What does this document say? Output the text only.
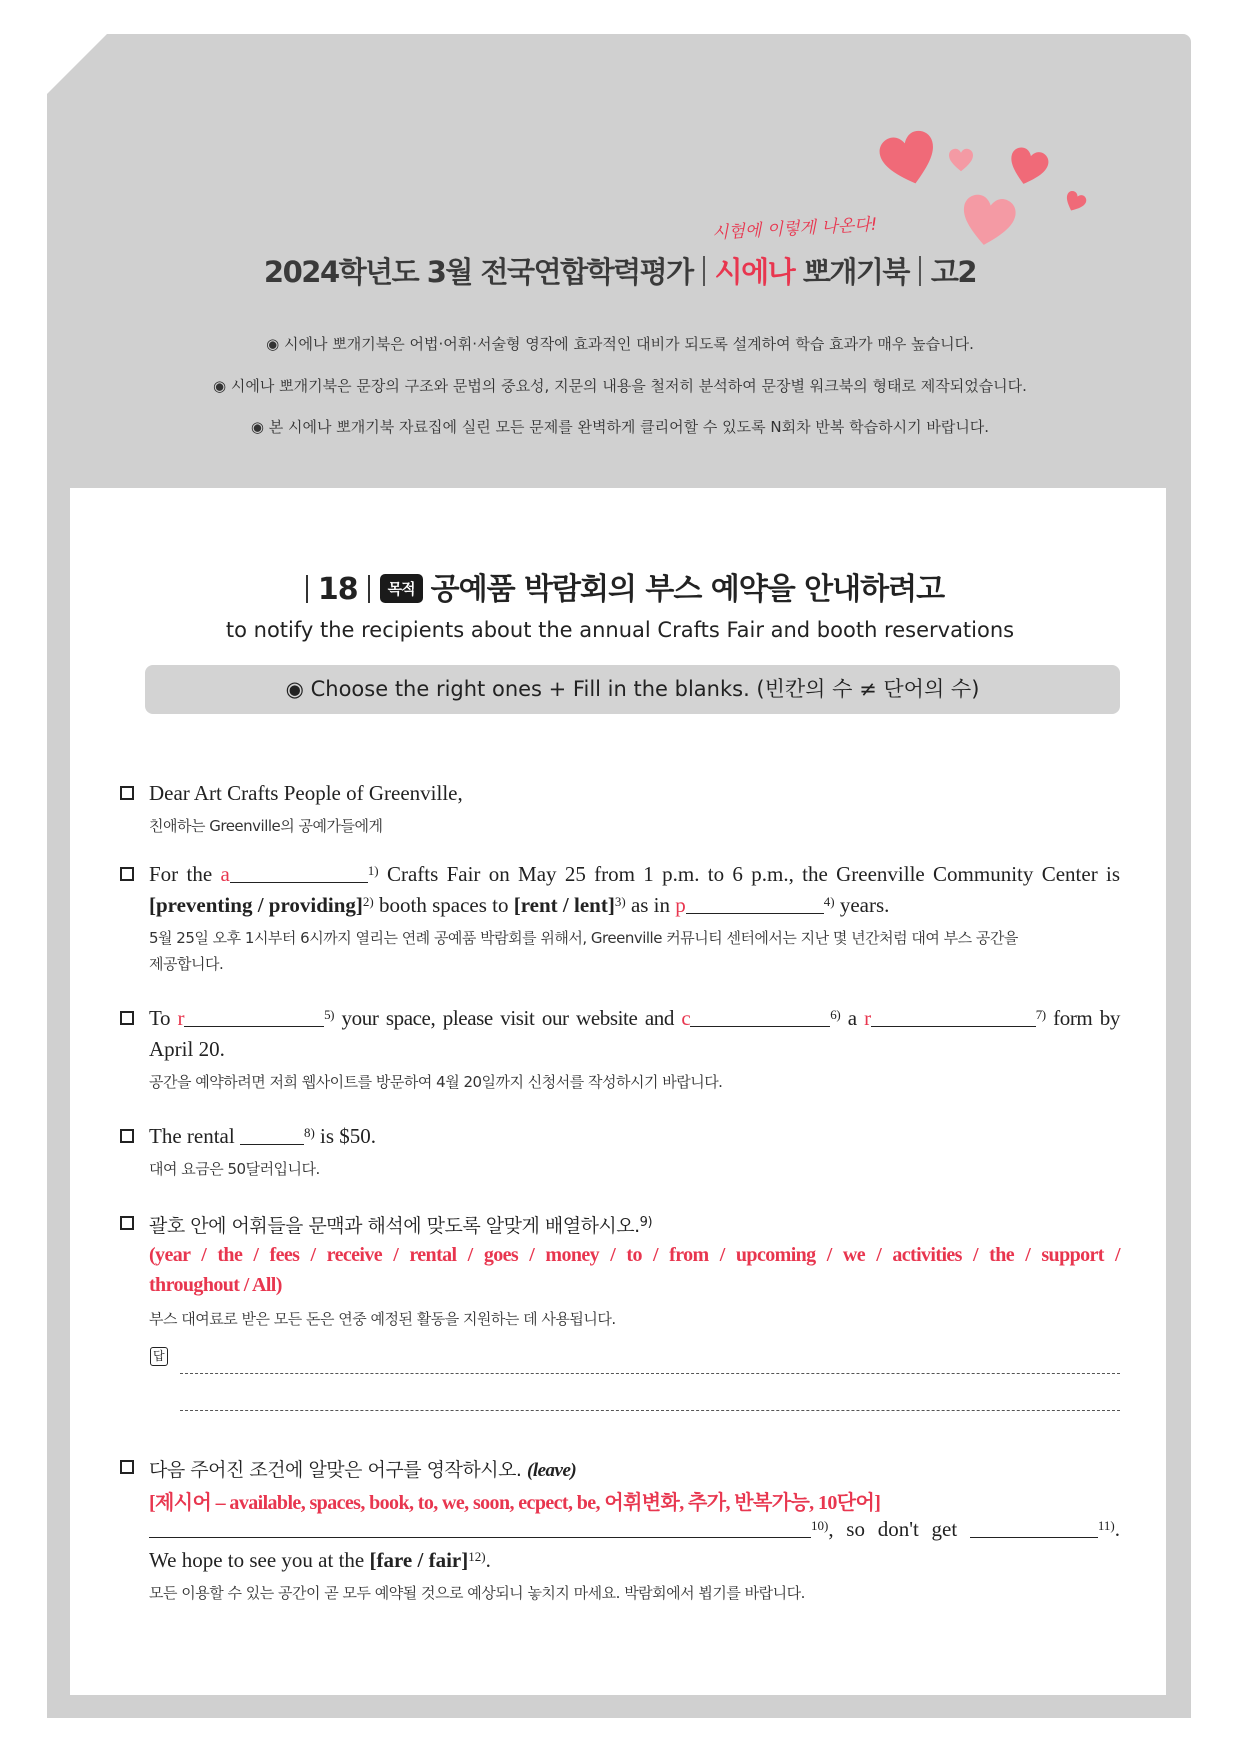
시험에 이렇게 나온다!
2024학년도 3월 전국연합학력평가 시에나 뽀개기북 고2
◉ 시에나 뽀개기북은 어법·어휘·서술형 영작에 효과적인 대비가 되도록 설계하여 학습 효과가 매우 높습니다.
◉ 시에나 뽀개기북은 문장의 구조와 문법의 중요성, 지문의 내용을 철저히 분석하여 문장별 워크북의 형태로 제작되었습니다.
◉ 본 시에나 뽀개기북 자료집에 실린 모든 문제를 완벽하게 클리어할 수 있도록 N회차 반복 학습하시기 바랍니다.
18 목적 공예품 박람회의 부스 예약을 안내하려고
to notify the recipients about the annual Crafts Fair and booth reservations
◉ Choose the right ones + Fill in the blanks. (빈칸의 수 ≠ 단어의 수)
Dear Art Crafts People of Greenville,
친애하는 Greenville의 공예가들에게
For the a	$^{1)}$ Crafts Fair on May 25 from 1 p.m. to 6 p.m., the Greenville Community Center is
[preventing / providing]$^{2)}$ booth spaces to [rent / lent]$^{3)}$ as in p	$^{4)}$ years.
5월 25일 오후 1시부터 6시까지 열리는 연례 공예품 박람회를 위해서, Greenville 커뮤니티 센터에서는 지난 몇 년간처럼 대여 부스 공간을
제공합니다.
To r	$^{5)}$ your space, please visit our website and c	$^{6)}$ a r	$^{7)}$ form by
April 20.
공간을 예약하려면 저희 웹사이트를 방문하여 4월 20일까지 신청서를 작성하시기 바랍니다.
The rental	$^{8)}$ is $50.
대여 요금은 50달러입니다.
괄호 안에 어휘들을 문맥과 해석에 맞도록 알맞게 배열하시오.$^{9)}$
(year / the / fees / receive / rental / goes / money / to / from / upcoming / we / activities / the / support /
throughout / All)
부스 대여료로 받은 모든 돈은 연중 예정된 활동을 지원하는 데 사용됩니다.
답
다음 주어진 조건에 알맞은 어구를 영작하시오. (leave)
[제시어 – available, spaces, book, to, we, soon, ecpect, be, 어휘변화, 추가, 반복가능, 10단어]
$^{10)}$, so don't get	$^{11)}$.
We hope to see you at the [fare / fair]$^{12)}$.
모든 이용할 수 있는 공간이 곧 모두 예약될 것으로 예상되니 놓치지 마세요. 박람회에서 뵙기를 바랍니다.
